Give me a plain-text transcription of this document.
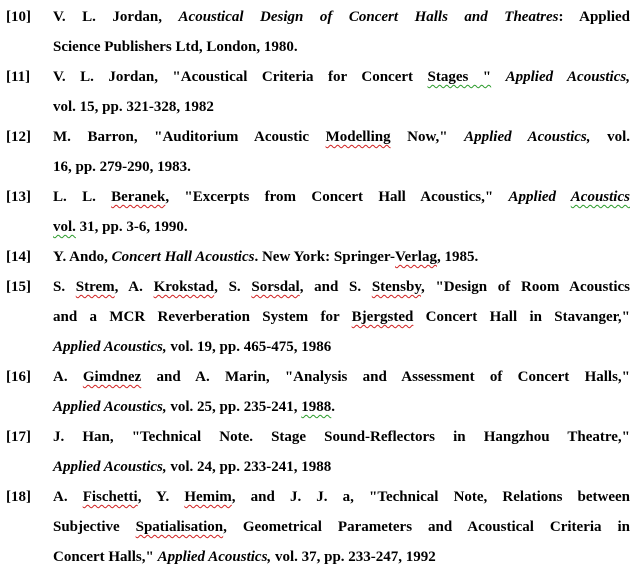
[10] V. L. Jordan, Acoustical Design of Concert Halls and Theatres: Applied
Science Publishers Ltd, London, 1980.
[11] V. L. Jordan, "Acoustical Criteria for Concert Stages " Applied Acoustics,
vol. 15, pp. 321-328, 1982
[12] M. Barron, "Auditorium Acoustic Modelling Now," Applied Acoustics, vol.
16, pp. 279-290, 1983.
[13] L. L. Beranek, "Excerpts from Concert Hall Acoustics," Applied Acoustics
vol. 31, pp. 3-6, 1990.
[14] Y. Ando, Concert Hall Acoustics. New York: Springer-Verlag, 1985.
[15] S. Strem, A. Krokstad, S. Sorsdal, and S. Stensby, "Design of Room Acoustics
and a MCR Reverberation System for Bjergsted Concert Hall in Stavanger,"
Applied Acoustics, vol. 19, pp. 465-475, 1986
[16] A. Gimdnez and A. Marin, "Analysis and Assessment of Concert Halls,"
Applied Acoustics, vol. 25, pp. 235-241, 1988.
[17] J. Han, "Technical Note. Stage Sound-Reflectors in Hangzhou Theatre,"
Applied Acoustics, vol. 24, pp. 233-241, 1988
[18] A. Fischetti, Y. Hemim, and J. J. a, "Technical Note, Relations between
Subjective Spatialisation, Geometrical Parameters and Acoustical Criteria in
Concert Halls," Applied Acoustics, vol. 37, pp. 233-247, 1992
